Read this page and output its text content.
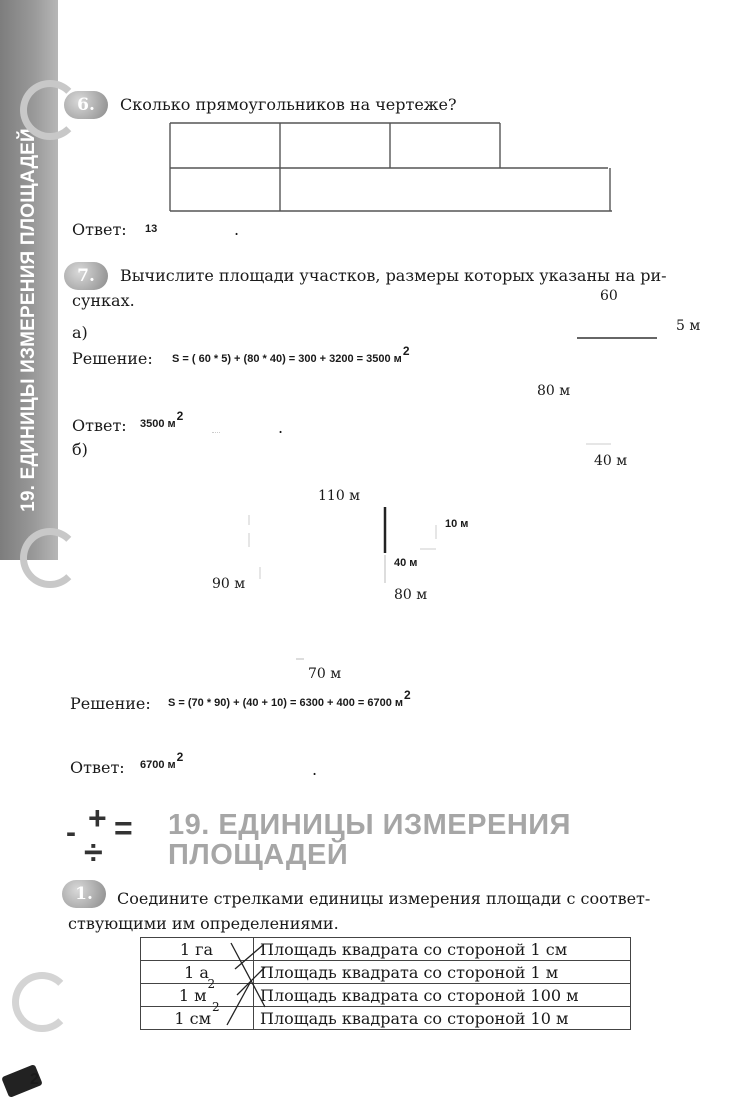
19. ЕДИНИЦЫ ИЗМЕРЕНИЯ ПЛОЩАДЕЙ
6. Сколько прямоугольников на чертеже?
Ответ: 13	.
7. Вычислите площади участков, размеры которых указаны на ри-
сунках.	60
5 м
80 м
40 м
а)
Решение: S = ( 60 * 5) + (80 * 40) = 300 + 3200 = 3500 м2
Ответ: 3500 м2
.
б)
110 м
10 м
40 м
90 м
80 м
70 м
Решение: S = (70 * 90) + (40 + 10) = 6300 + 400 = 6700 м2
Ответ: 6700 м2
.
- + =
÷
19. ЕДИНИЦЫ ИЗМЕРЕНИЯ
ПЛОЩАДЕЙ
1. Соедините стрелками единицы измерения площади с соответ-
ствующими им определениями.
1 га	Площадь квадрата со стороной 1 см
1 а	Площадь квадрата со стороной 1 м
1 $м^2$	Площадь квадрата со стороной 100 м
1 $см^2$	Площадь квадрата со стороной 10 м
2
